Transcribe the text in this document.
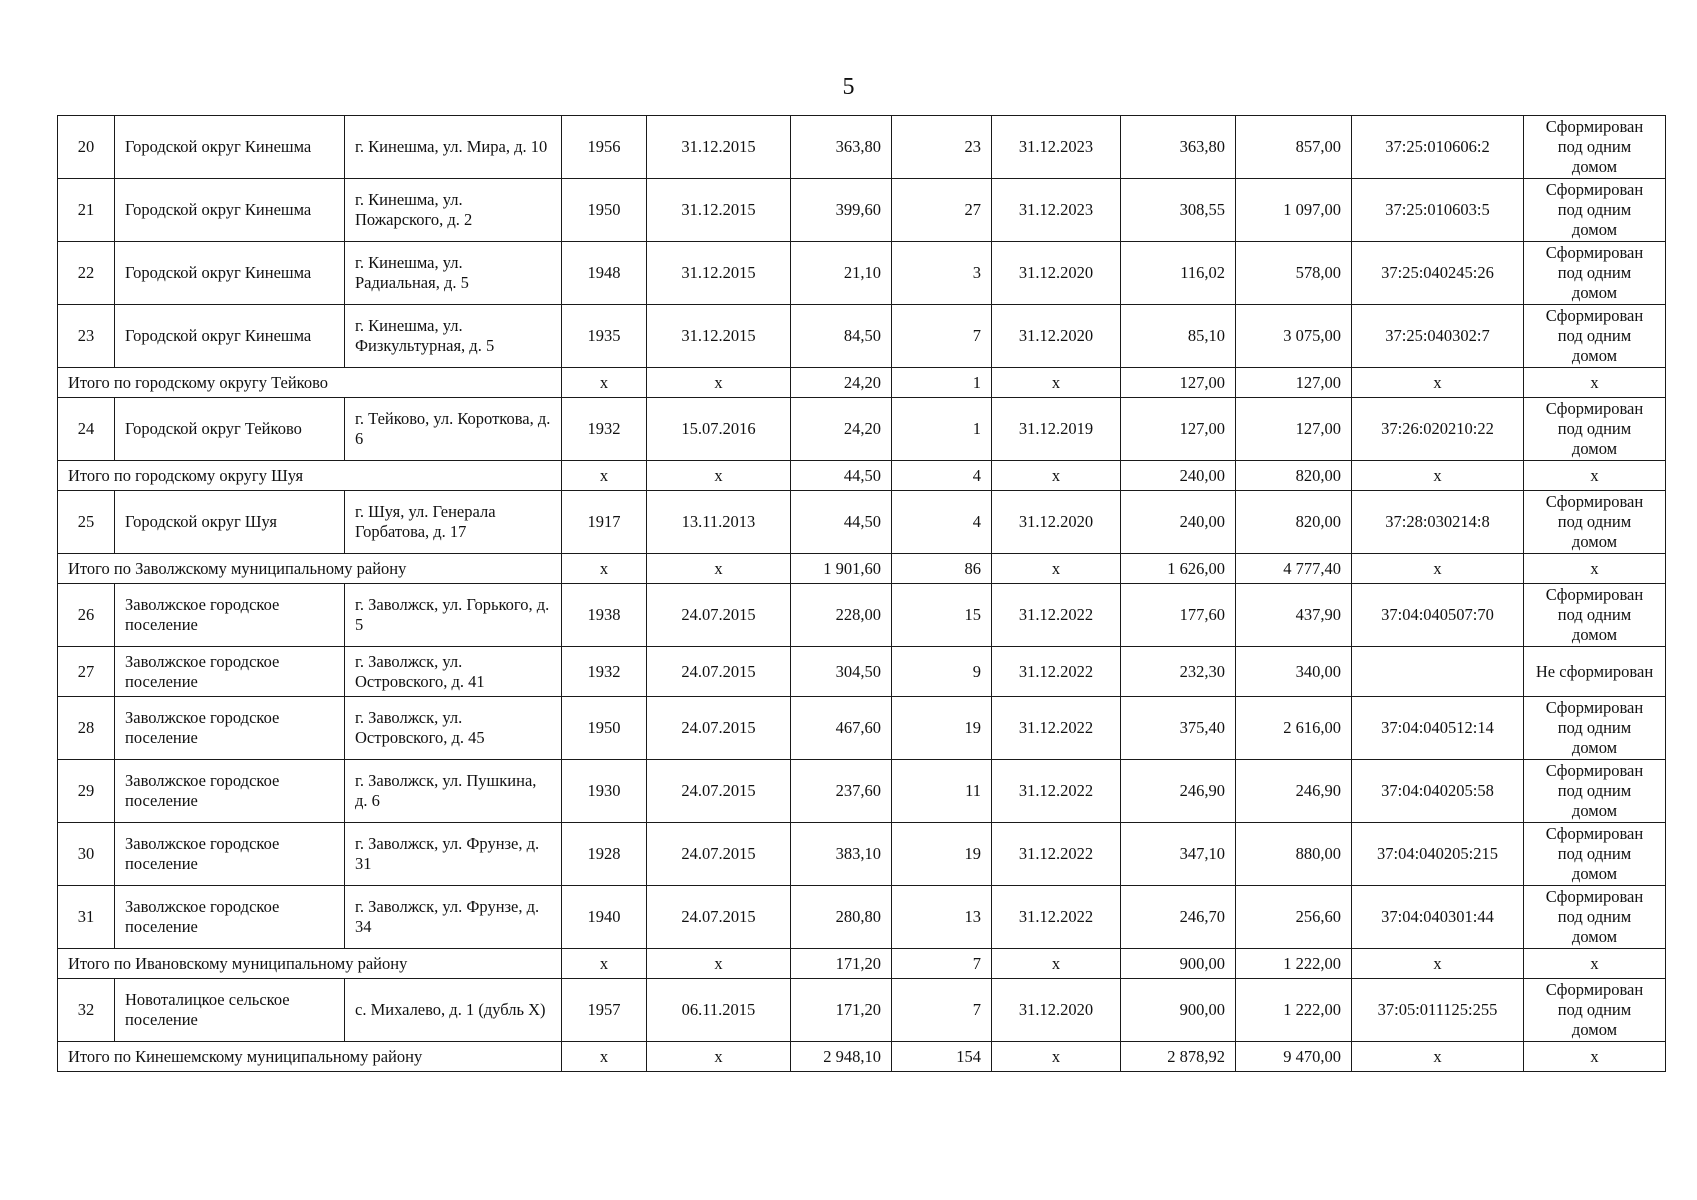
5
20	Городской округ Кинешма	г. Кинешма, ул. Мира, д. 10	1956	31.12.2015	363,80	23	31.12.2023	363,80	857,00	37:25:010606:2	Сформирован под одним домом
21	Городской округ Кинешма	г. Кинешма, ул. Пожарского, д. 2	1950	31.12.2015	399,60	27	31.12.2023	308,55	1 097,00	37:25:010603:5	Сформирован под одним домом
22	Городской округ Кинешма	г. Кинешма, ул. Радиальная, д. 5	1948	31.12.2015	21,10	3	31.12.2020	116,02	578,00	37:25:040245:26	Сформирован под одним домом
23	Городской округ Кинешма	г. Кинешма, ул. Физкультурная, д. 5	1935	31.12.2015	84,50	7	31.12.2020	85,10	3 075,00	37:25:040302:7	Сформирован под одним домом
Итого по городскому округу Тейково			х	х	24,20	1	х	127,00	127,00	х	х
24	Городской округ Тейково	г. Тейково, ул. Короткова, д. 6	1932	15.07.2016	24,20	1	31.12.2019	127,00	127,00	37:26:020210:22	Сформирован под одним домом
Итого по городскому округу Шуя			х	х	44,50	4	х	240,00	820,00	х	х
25	Городской округ Шуя	г. Шуя, ул. Генерала Горбатова, д. 17	1917	13.11.2013	44,50	4	31.12.2020	240,00	820,00	37:28:030214:8	Сформирован под одним домом
Итого по Заволжскому муниципальному району			х	х	1 901,60	86	х	1 626,00	4 777,40	х	х
26	Заволжское городское поселение	г. Заволжск, ул. Горького, д. 5	1938	24.07.2015	228,00	15	31.12.2022	177,60	437,90	37:04:040507:70	Сформирован под одним домом
27	Заволжское городское поселение	г. Заволжск, ул. Островского, д. 41	1932	24.07.2015	304,50	9	31.12.2022	232,30	340,00		Не сформирован
28	Заволжское городское поселение	г. Заволжск, ул. Островского, д. 45	1950	24.07.2015	467,60	19	31.12.2022	375,40	2 616,00	37:04:040512:14	Сформирован под одним домом
29	Заволжское городское поселение	г. Заволжск, ул. Пушкина, д. 6	1930	24.07.2015	237,60	11	31.12.2022	246,90	246,90	37:04:040205:58	Сформирован под одним домом
30	Заволжское городское поселение	г. Заволжск, ул. Фрунзе, д. 31	1928	24.07.2015	383,10	19	31.12.2022	347,10	880,00	37:04:040205:215	Сформирован под одним домом
31	Заволжское городское поселение	г. Заволжск, ул. Фрунзе, д. 34	1940	24.07.2015	280,80	13	31.12.2022	246,70	256,60	37:04:040301:44	Сформирован под одним домом
Итого по Ивановскому муниципальному району			х	х	171,20	7	х	900,00	1 222,00	х	х
32	Новоталицкое сельское поселение	с. Михалево, д. 1 (дубль Х)	1957	06.11.2015	171,20	7	31.12.2020	900,00	1 222,00	37:05:011125:255	Сформирован под одним домом
Итого по Кинешемскому муниципальному району			х	х	2 948,10	154	х	2 878,92	9 470,00	х	х
